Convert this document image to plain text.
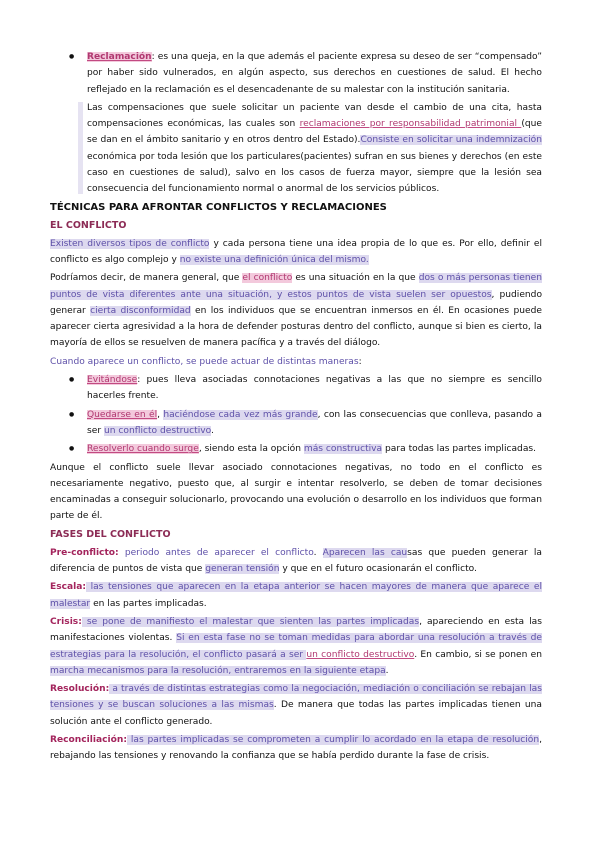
● Reclamación: es una queja, en la que además el paciente expresa su deseo de ser “compensado” por haber sido vulnerados, en algún aspecto, sus derechos en cuestiones de salud. El hecho reflejado en la reclamación es el desencadenante de su malestar con la institución sanitaria.

Las compensaciones que suele solicitar un paciente van desde el cambio de una cita, hasta compensaciones económicas, las cuales son reclamaciones por responsabilidad patrimonial (que se dan en el ámbito sanitario y en otros dentro del Estado).Consiste en solicitar una indemnización económica por toda lesión que los particulares(pacientes) sufran en sus bienes y derechos (en este caso en cuestiones de salud), salvo en los casos de fuerza mayor, siempre que la lesión sea consecuencia del funcionamiento normal o anormal de los servicios públicos.

TÉCNICAS PARA AFRONTAR CONFLICTOS Y RECLAMACIONES
EL CONFLICTO

Existen diversos tipos de conflicto y cada persona tiene una idea propia de lo que es. Por ello, definir el conflicto es algo complejo y no existe una definición única del mismo.

Podríamos decir, de manera general, que el conflicto es una situación en la que dos o más personas tienen puntos de vista diferentes ante una situación, y estos puntos de vista suelen ser opuestos, pudiendo generar cierta disconformidad en los individuos que se encuentran inmersos en él. En ocasiones puede aparecer cierta agresividad a la hora de defender posturas dentro del conflicto, aunque si bien es cierto, la mayoría de ellos se resuelven de manera pacífica y a través del diálogo.

Cuando aparece un conflicto, se puede actuar de distintas maneras:

● Evitándose: pues lleva asociadas connotaciones negativas a las que no siempre es sencillo hacerles frente.

● Quedarse en él, haciéndose cada vez más grande, con las consecuencias que conlleva, pasando a ser un conflicto destructivo.

● Resolverlo cuando surge, siendo esta la opción más constructiva para todas las partes implicadas.

Aunque el conflicto suele llevar asociado connotaciones negativas, no todo en el conflicto es necesariamente negativo, puesto que, al surgir e intentar resolverlo, se deben de tomar decisiones encaminadas a conseguir solucionarlo, provocando una evolución o desarrollo en los individuos que forman parte de él.

FASES DEL CONFLICTO

Pre-conflicto: periodo antes de aparecer el conflicto. Aparecen las causas que pueden generar la diferencia de puntos de vista que generan tensión y que en el futuro ocasionarán el conflicto.

Escala: las tensiones que aparecen en la etapa anterior se hacen mayores de manera que aparece el malestar en las partes implicadas.

Crisis: se pone de manifiesto el malestar que sienten las partes implicadas, apareciendo en esta las manifestaciones violentas. Si en esta fase no se toman medidas para abordar una resolución a través de estrategias para la resolución, el conflicto pasará a ser un conflicto destructivo. En cambio, si se ponen en marcha mecanismos para la resolución, entraremos en la siguiente etapa.

Resolución: a través de distintas estrategias como la negociación, mediación o conciliación se rebajan las tensiones y se buscan soluciones a las mismas. De manera que todas las partes implicadas tienen una solución ante el conflicto generado.

Reconciliación: las partes implicadas se comprometen a cumplir lo acordado en la etapa de resolución, rebajando las tensiones y renovando la confianza que se había perdido durante la fase de crisis.
